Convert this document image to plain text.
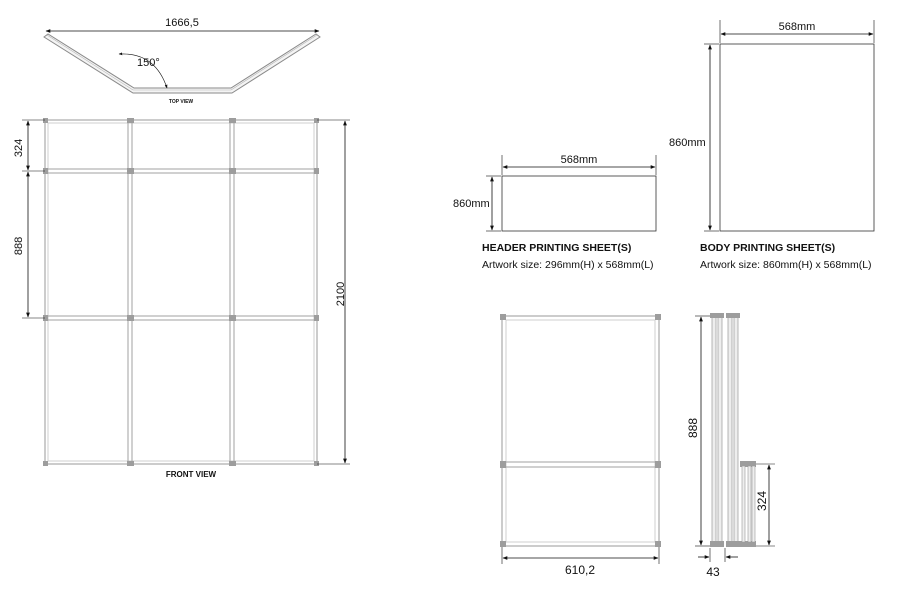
1666,5
150°
TOP VIEW
324
888
2100
FRONT VIEW
568mm
860mm
HEADER PRINTING SHEET(S)
Artwork size: 296mm(H) x 568mm(L)
568mm
860mm
BODY PRINTING SHEET(S)
Artwork size: 860mm(H) x 568mm(L)
610,2
888
324
43
